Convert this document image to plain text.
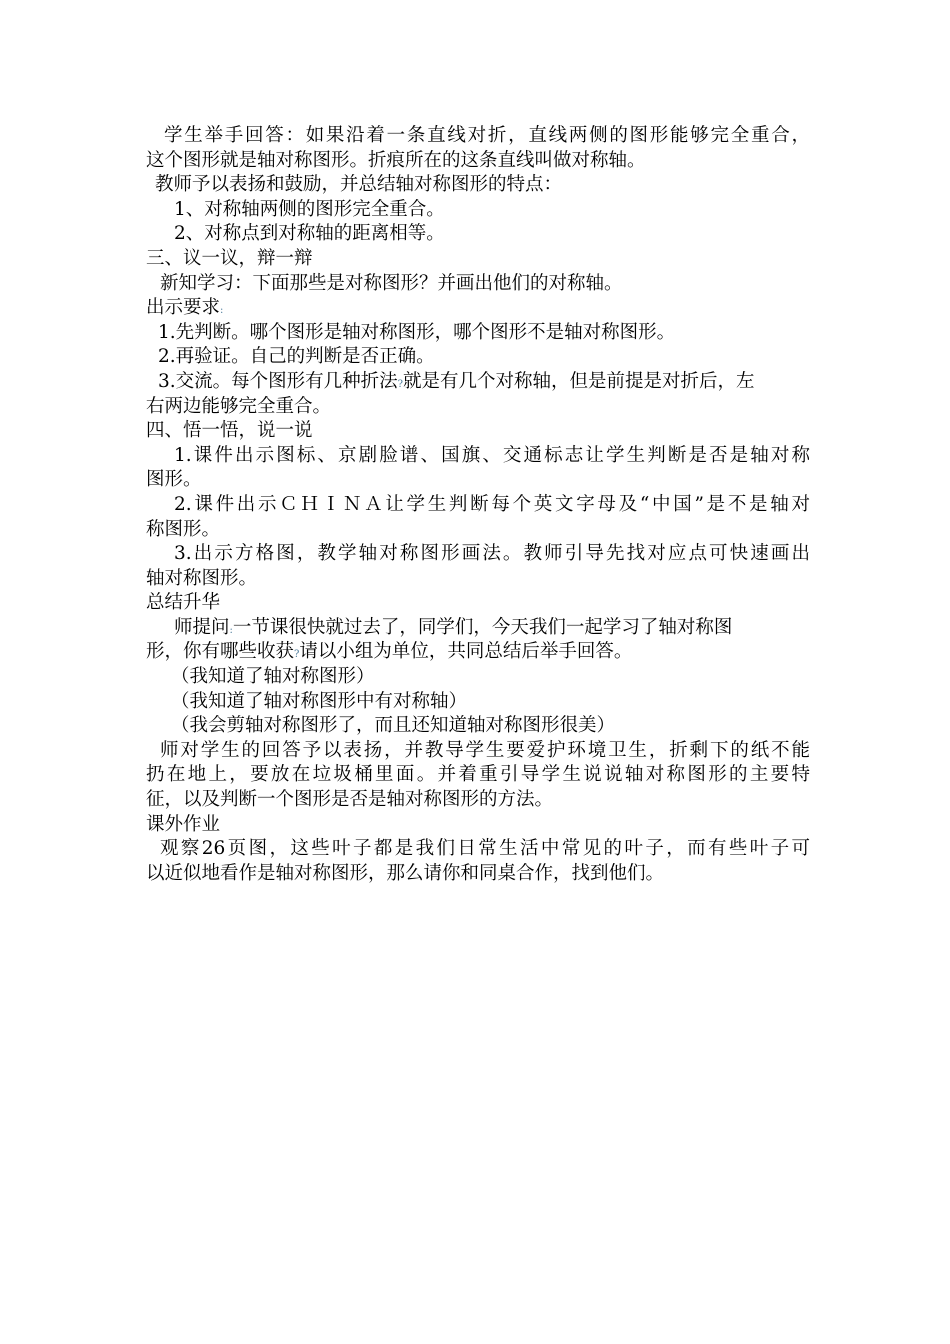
学生举手回答：如果沿着一条直线对折，直线两侧的图形能够完全重合，
这个图形就是轴对称图形。折痕所在的这条直线叫做对称轴。
教师予以表扬和鼓励，并总结轴对称图形的特点：
1、对称轴两侧的图形完全重合。
2、对称点到对称轴的距离相等。
三、议一议，辩一辩
新知学习：下面那些是对称图形？并画出他们的对称轴。
出示要求:
1.先判断。哪个图形是轴对称图形，哪个图形不是轴对称图形。
2.再验证。自己的判断是否正确。
3.交流。每个图形有几种折法?就是有几个对称轴，但是前提是对折后，左
右两边能够完全重合。
四、悟一悟，说一说
1.课件出示图标、京剧脸谱、国旗、交通标志让学生判断是否是轴对称
图形。
2.课件出示ＣＨＩＮＡ让学生判断每个英文字母及“中国”是不是轴对
称图形。
3.出示方格图，教学轴对称图形画法。教师引导先找对应点可快速画出
轴对称图形。
总结升华
师提问:一节课很快就过去了，同学们，今天我们一起学习了轴对称图
形，你有哪些收获?请以小组为单位，共同总结后举手回答。
（我知道了轴对称图形）
（我知道了轴对称图形中有对称轴）
（我会剪轴对称图形了，而且还知道轴对称图形很美）
师对学生的回答予以表扬，并教导学生要爱护环境卫生，折剩下的纸不能
扔在地上，要放在垃圾桶里面。并着重引导学生说说轴对称图形的主要特
征，以及判断一个图形是否是轴对称图形的方法。
课外作业
观察26页图，这些叶子都是我们日常生活中常见的叶子，而有些叶子可
以近似地看作是轴对称图形，那么请你和同桌合作，找到他们。
